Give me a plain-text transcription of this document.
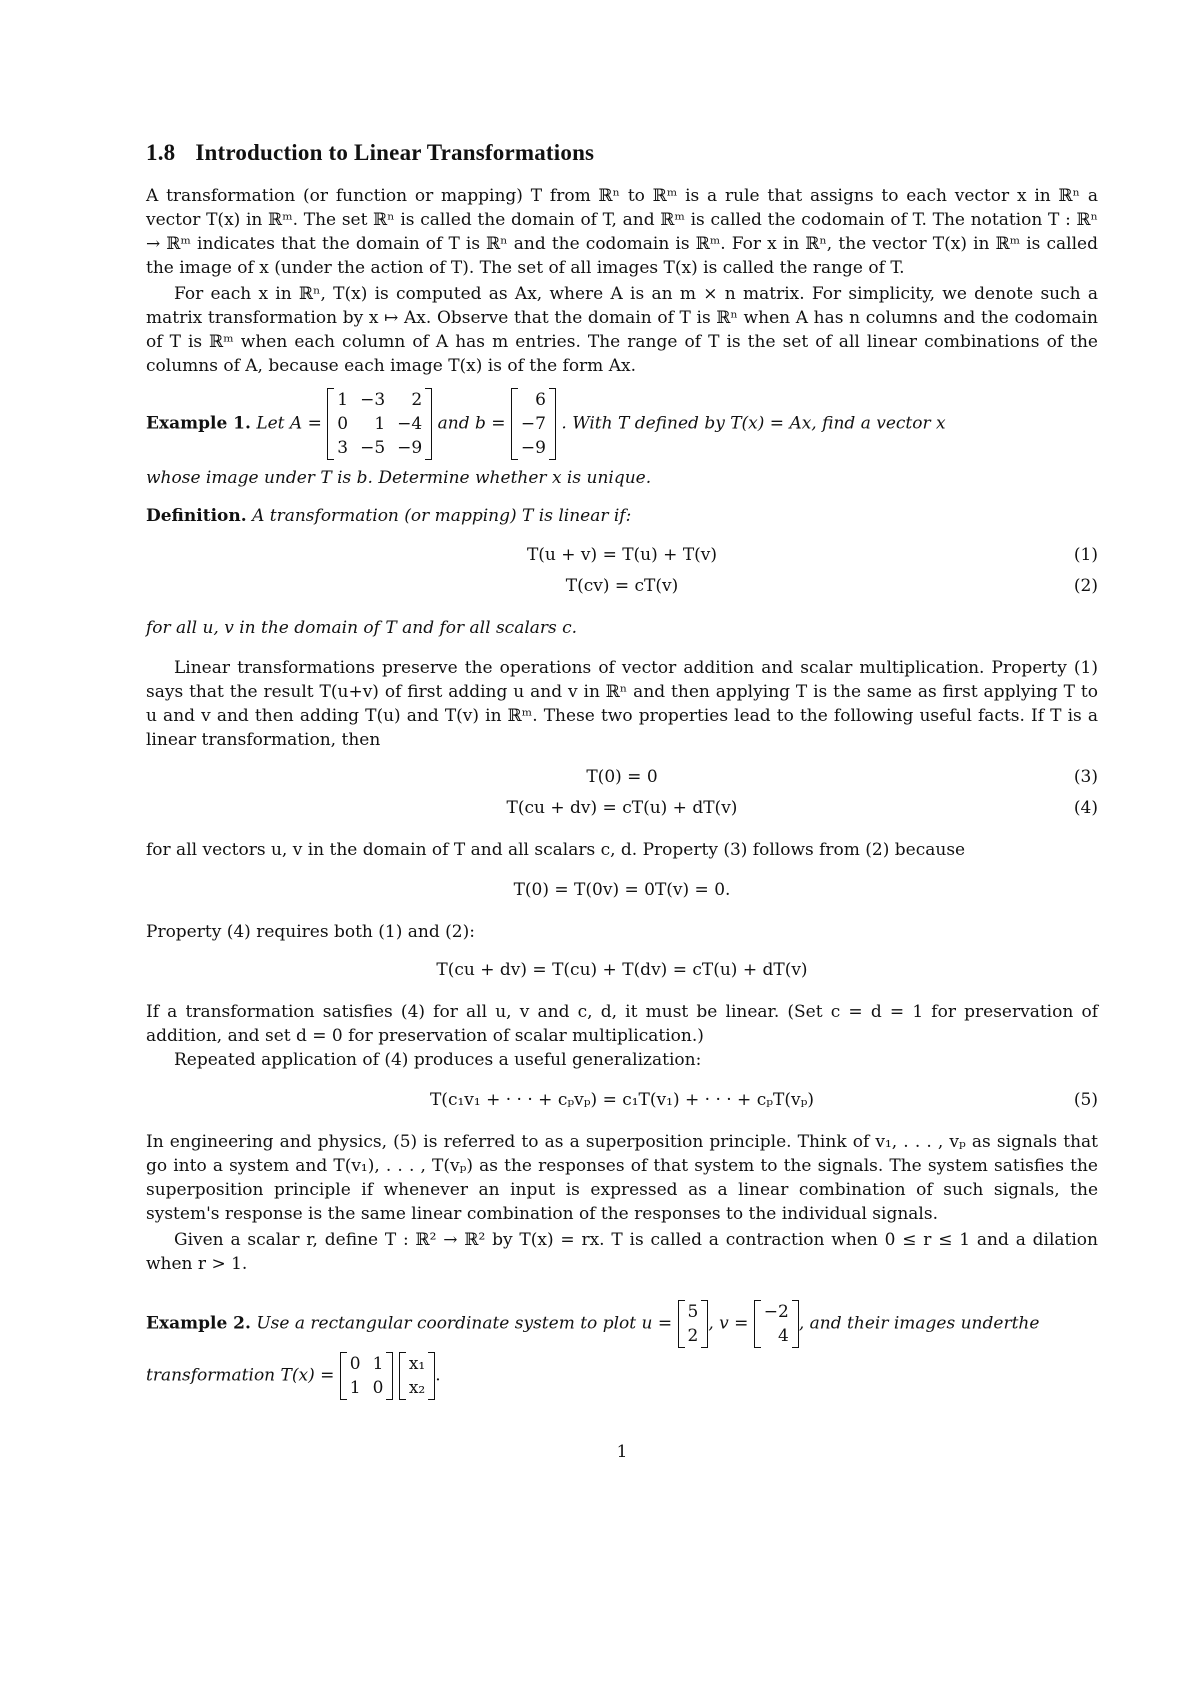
1.8 Introduction to Linear Transformations
A transformation (or function or mapping) T from ℝⁿ to ℝᵐ is a rule that assigns to each vector x in ℝⁿ a vector T(x) in ℝᵐ. The set ℝⁿ is called the domain of T, and ℝᵐ is called the codomain of T. The notation T : ℝⁿ → ℝᵐ indicates that the domain of T is ℝⁿ and the codomain is ℝᵐ. For x in ℝⁿ, the vector T(x) in ℝᵐ is called the image of x (under the action of T). The set of all images T(x) is called the range of T.
For each x in ℝⁿ, T(x) is computed as Ax, where A is an m × n matrix. For simplicity, we denote such a matrix transformation by x ↦ Ax. Observe that the domain of T is ℝⁿ when A has n columns and the codomain of T is ℝᵐ when each column of A has m entries. The range of T is the set of all linear combinations of the columns of A, because each image T(x) is of the form Ax.
Example 1. Let A =
1	−3	2
0	1	−4
3	−5	−9
and b =
6
−7
−9
. With T defined by T(x) = Ax, find a vector x
whose image under T is b. Determine whether x is unique.
Definition. A transformation (or mapping) T is linear if:
T(u + v) = T(u) + T(v)	(1)
T(cv) = cT(v)	(2)
for all u, v in the domain of T and for all scalars c.
Linear transformations preserve the operations of vector addition and scalar multiplication. Property (1) says that the result T(u+v) of first adding u and v in ℝⁿ and then applying T is the same as first applying T to u and v and then adding T(u) and T(v) in ℝᵐ. These two properties lead to the following useful facts. If T is a linear transformation, then
T(0) = 0	(3)
T(cu + dv) = cT(u) + dT(v)	(4)
for all vectors u, v in the domain of T and all scalars c, d. Property (3) follows from (2) because
T(0) = T(0v) = 0T(v) = 0.
Property (4) requires both (1) and (2):
T(cu + dv) = T(cu) + T(dv) = cT(u) + dT(v)
If a transformation satisfies (4) for all u, v and c, d, it must be linear. (Set c = d = 1 for preservation of addition, and set d = 0 for preservation of scalar multiplication.)
Repeated application of (4) produces a useful generalization:
T(c₁v₁ + · · · + cₚvₚ) = c₁T(v₁) + · · · + cₚT(vₚ)	(5)
In engineering and physics, (5) is referred to as a superposition principle. Think of v₁, . . . , vₚ as signals that go into a system and T(v₁), . . . , T(vₚ) as the responses of that system to the signals. The system satisfies the superposition principle if whenever an input is expressed as a linear combination of such signals, the system's response is the same linear combination of the responses to the individual signals.
Given a scalar r, define T : ℝ² → ℝ² by T(x) = rx. T is called a contraction when 0 ≤ r ≤ 1 and a dilation when r > 1.
Example 2. Use a rectangular coordinate system to plot u =
5
2
, v =
−2
4
, and their images underthe
transformation T(x) =
0	1
1	0

x₁
x₂
.
1
